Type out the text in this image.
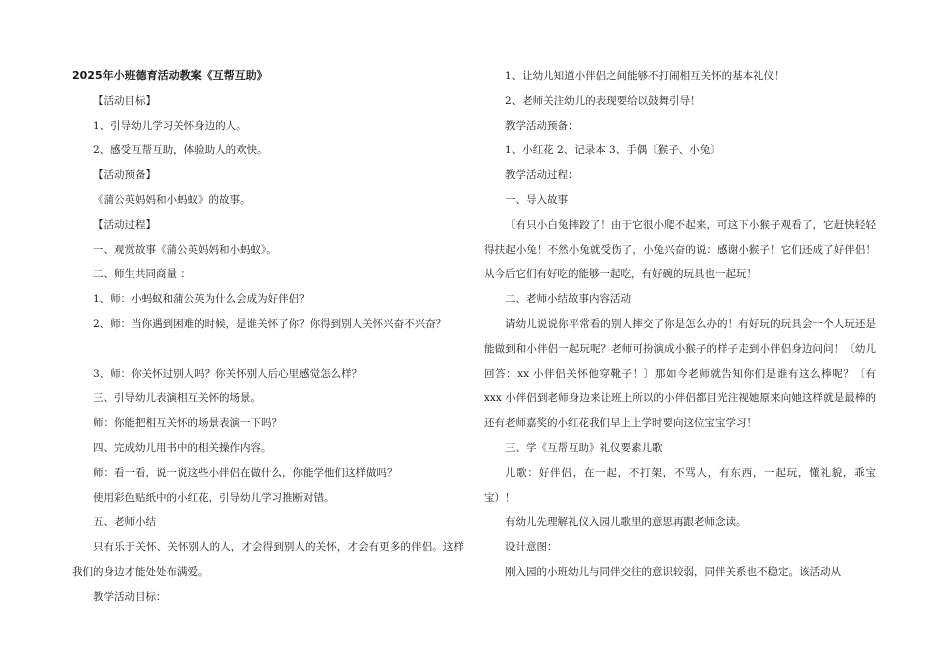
2025年小班德育活动教案《互帮互助》

【活动目标】

1、引导幼儿学习关怀身边的人。

2、感受互帮互助，体验助人的欢快。

【活动预备】

《蒲公英妈妈和小蚂蚁》的故事。

【活动过程】

一、观赏故事《蒲公英妈妈和小蚂蚁》。

二、师生共同商量 ：

1、师：小蚂蚁和蒲公英为什么会成为好伴侣？

2、师：当你遇到困难的时候，是谁关怀了你？你得到别人关怀兴奋不兴奋？

3、师：你关怀过别人吗？你关怀别人后心里感觉怎么样？

三、引导幼儿表演相互关怀的场景。

师：你能把相互关怀的场景表演一下吗？

四、完成幼儿用书中的相关操作内容。

师：看一看，说一说这些小伴侣在做什么，你能学他们这样做吗？

使用彩色贴纸中的小红花，引导幼儿学习推断对错。

五、老师小结

只有乐于关怀、关怀别人的人，才会得到别人的关怀，才会有更多的伴侣。这样我们的身边才能处处布满爱。

教学活动目标：

1、让幼儿知道小伴侣之间能够不打闹相互关怀的基本礼仪！

2、老师关注幼儿的表现要给以鼓舞引导！

教学活动预备：

1、小红花 2、记录本 3、手偶〔猴子、小兔〕

教学活动过程：

一、导入故事

〔有只小白兔摔跤了！由于它很小爬不起来，可这下小猴子观看了，它赶快轻轻得扶起小兔！不然小兔就受伤了，小兔兴奋的说：感谢小猴子！它们还成了好伴侣！从今后它们有好吃的能够一起吃，有好碗的玩具也一起玩！

二、老师小结故事内容活动

请幼儿说说你平常看的别人摔交了你是怎么办的！有好玩的玩具会一个人玩还是能做到和小伴侣一起玩呢？老师可扮演成小猴子的样子走到小伴侣身边问问！〔幼儿回答：xx 小伴侣关怀他穿靴子！〕那如今老师就告知你们是谁有这么棒呢？〔有 xxx 小伴侣到老师身边来让班上所以的小伴侣都目光注视她原来向她这样就是最棒的还有老师嘉奖的小红花我们早上上学时要向这位宝宝学习！

三、学《互帮互助》礼仪要素儿歌

儿歌：好伴侣，在一起，不打架，不骂人，有东西，一起玩，懂礼貌，乖宝宝）！

有幼儿先理解礼仪入园儿歌里的意思再跟老师念读。

设计意图：

刚入园的小班幼儿与同伴交往的意识较弱，同伴关系也不稳定。该活动从
